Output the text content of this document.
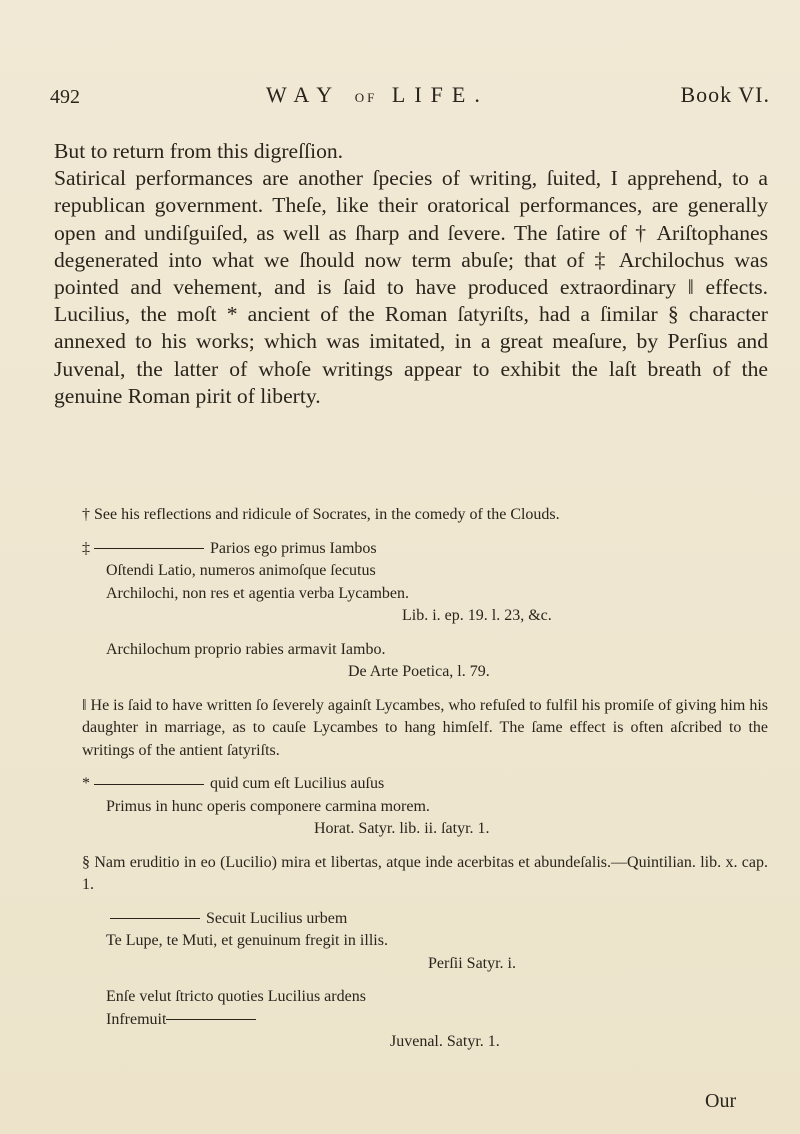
492	WAY OF LIFE.	Book VI.

But to return from this digreſſion.

Satirical performances are another ſpecies of writing, ſuited, I apprehend, to a republican government. Theſe, like their oratorical performances, are generally open and undiſguiſed, as well as ſharp and ſevere. The ſatire of † Ariſtophanes degenerated into what we ſhould now term abuſe; that of ‡ Archilochus was pointed and vehement, and is ſaid to have produced extraordinary ‖ effects. Lucilius, the moſt * ancient of the Roman ſatyriſts, had a ſimilar § character annexed to his works; which was imitated, in a great meaſure, by Perſius and Juvenal, the latter of whoſe writings appear to exhibit the laſt breath of the genuine Roman pirit of liberty.

† See his reflections and ridicule of Socrates, in the comedy of the Clouds.

‡	Parios ego primus Iambos

Oſtendi Latio, numeros animoſque ſecutus

Archilochi, non res et agentia verba Lycamben.

Lib. i. ep. 19. l. 23, &c.

Archilochum proprio rabies armavit Iambo.

De Arte Poetica, l. 79.

‖ He is ſaid to have written ſo ſeverely againſt Lycambes, who refuſed to fulfil his promiſe of giving him his daughter in marriage, as to cauſe Lycambes to hang himſelf. The ſame effect is often aſcribed to the writings of the antient ſatyriſts.

*	quid cum eſt Lucilius auſus

Primus in hunc operis componere carmina morem.

Horat. Satyr. lib. ii. ſatyr. 1.

§ Nam eruditio in eo (Lucilio) mira et libertas, atque inde acerbitas et abundeſalis.—Quintilian. lib. x. cap. 1.

Secuit Lucilius urbem

Te Lupe, te Muti, et genuinum fregit in illis.

Perſii Satyr. i.

Enſe velut ſtricto quoties Lucilius ardens

Infremuit

Juvenal. Satyr. 1.

Our
